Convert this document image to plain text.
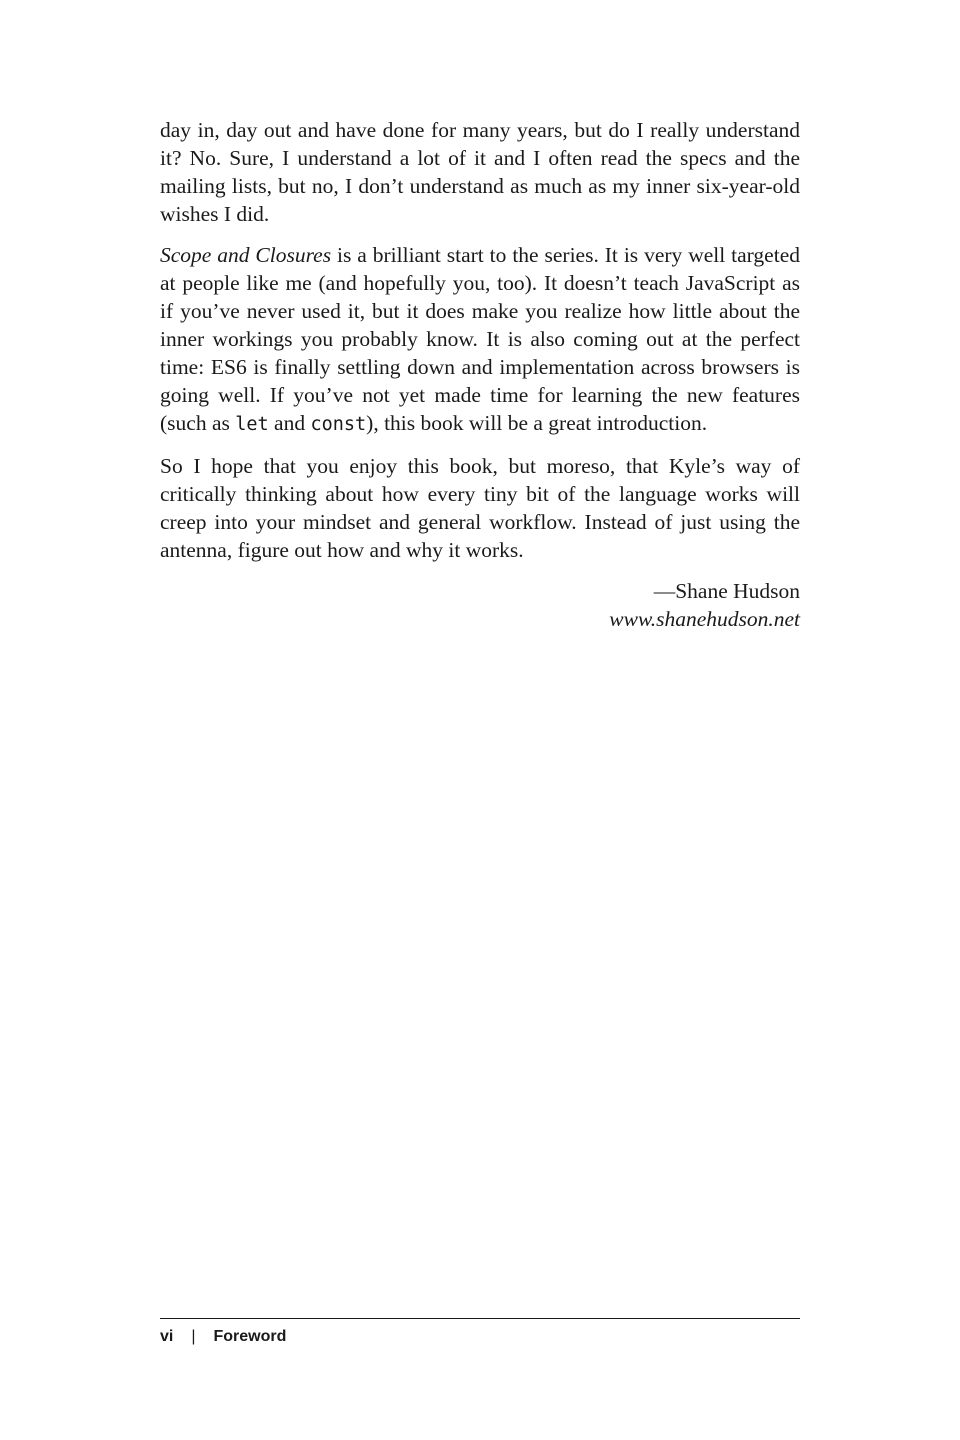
day in, day out and have done for many years, but do I really understand it? No. Sure, I understand a lot of it and I often read the specs and the mailing lists, but no, I don’t understand as much as my inner six-year-old wishes I did.

Scope and Closures is a brilliant start to the series. It is very well targeted at people like me (and hopefully you, too). It doesn’t teach JavaScript as if you’ve never used it, but it does make you realize how little about the inner workings you probably know. It is also coming out at the perfect time: ES6 is finally settling down and implementation across browsers is going well. If you’ve not yet made time for learning the new features (such as let and const), this book will be a great introduction.

So I hope that you enjoy this book, but moreso, that Kyle’s way of critically thinking about how every tiny bit of the language works will creep into your mindset and general workflow. Instead of just using the antenna, figure out how and why it works.

—Shane Hudson
www.shanehudson.net
vi | Foreword
